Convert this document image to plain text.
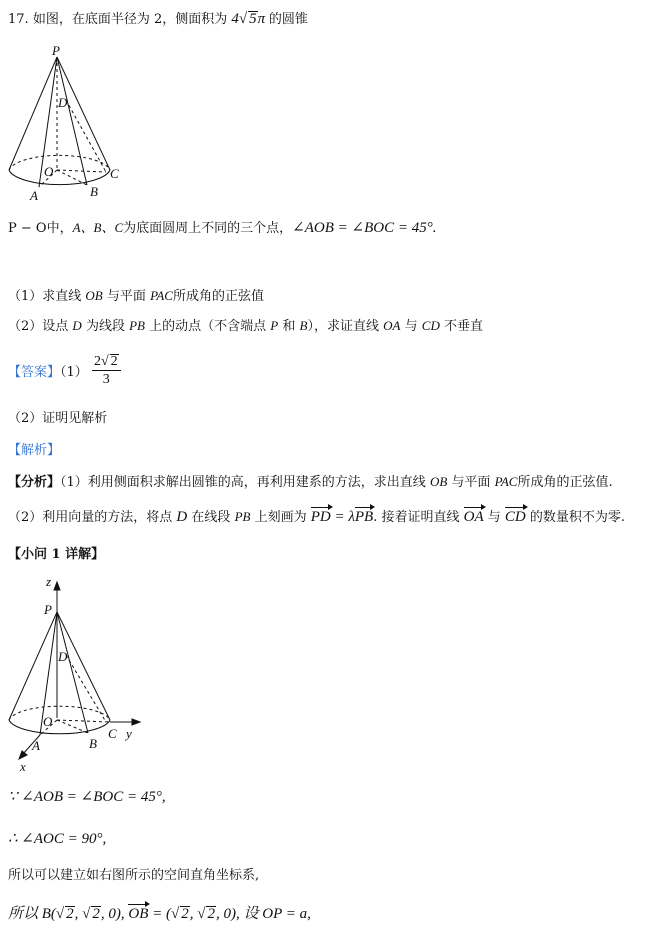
17. 如图，在底面半径为 2，侧面积为 4√ 5π 的圆锥
P
D
O
A	B
C
P − O中，A、B、C为底面圆周上不同的三个点，∠AOB = ∠BOC = 45°.
（1）求直线 OB 与平面 PAC所成角的正弦值
（2）设点 D 为线段 PB 上的动点（不含端点 P 和 B），求证直线 OA 与 CD 不垂直
【答案】$(1) \frac{2√ 2}{3}$
（2）证明见解析
【解析】
【分析】（1）利用侧面积求解出圆锥的高，再利用建系的方法，求出直线 OB 与平面 PAC所成角的正弦值.
（2）利用向量的方法，将点 D 在线段 PB 上刻画为 PD = λPB. 接着证明直线 OA 与 CD 的数量积不为零.
【小问 1 详解】
z
P
D
O
A	B
C y
x
∵ ∠AOB = ∠BOC = 45°,
∴ ∠AOC = 90°,
所以可以建立如右图所示的空间直角坐标系,
所以 B(√ 2, √ 2, 0), OB = (√ 2, √ 2, 0), 设 OP = a,
